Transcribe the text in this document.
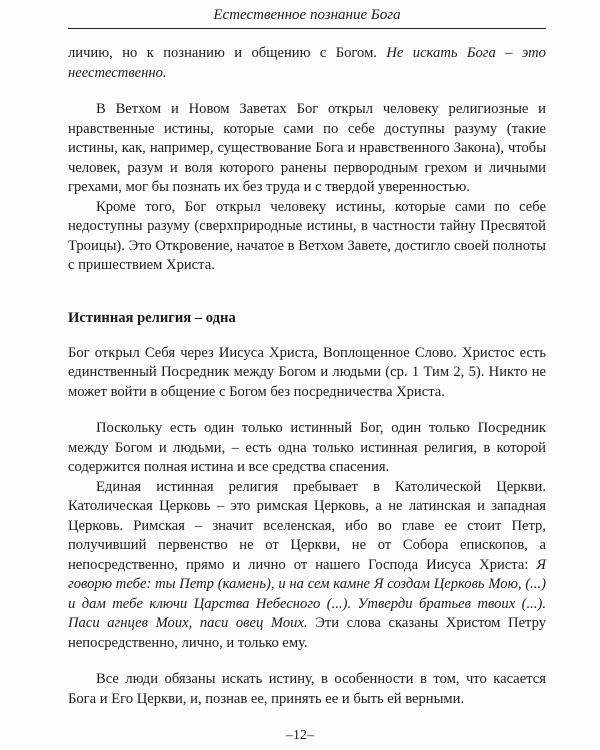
Естественное познание Бога

личию, но к познанию и общению с Богом. Не искать Бога – это неестественно.

В Ветхом и Новом Заветах Бог открыл человеку религиозные и нравственные истины, которые сами по себе доступны разуму (такие истины, как, например, существование Бога и нравственного Закона), чтобы человек, разум и воля которого ранены первородным грехом и личными грехами, мог бы познать их без труда и с твердой уверенностью.

Кроме того, Бог открыл человеку истины, которые сами по себе недоступны разуму (сверхприродные истины, в частности тайну Пресвятой Троицы). Это Откровение, начатое в Ветхом Завете, достигло своей полноты с пришествием Христа.

Истинная религия – одна

Бог открыл Себя через Иисуса Христа, Воплощенное Слово. Христос есть единственный Посредник между Богом и людьми (ср. 1 Тим 2, 5). Никто не может войти в общение с Богом без посредничества Христа.

Поскольку есть один только истинный Бог, один только Посредник между Богом и людьми, – есть одна только истинная религия, в которой содержится полная истина и все средства спасения.

Единая истинная религия пребывает в Католической Церкви. Католическая Церковь – это римская Церковь, а не латинская и западная Церковь. Римская – значит вселенская, ибо во главе ее стоит Петр, получивший первенство не от Церкви, не от Собора епископов, а непосредственно, прямо и лично от нашего Господа Иисуса Христа: Я говорю тебе: ты Петр (камень), и на сем камне Я создам Церковь Мою, (...) и дам тебе ключи Царства Небесного (...). Утверди братьев твоих (...). Паси агнцев Моих, паси овец Моих. Эти слова сказаны Христом Петру непосредственно, лично, и только ему.

Все люди обязаны искать истину, в особенности в том, что касается Бога и Его Церкви, и, познав ее, принять ее и быть ей верными.

–12–
